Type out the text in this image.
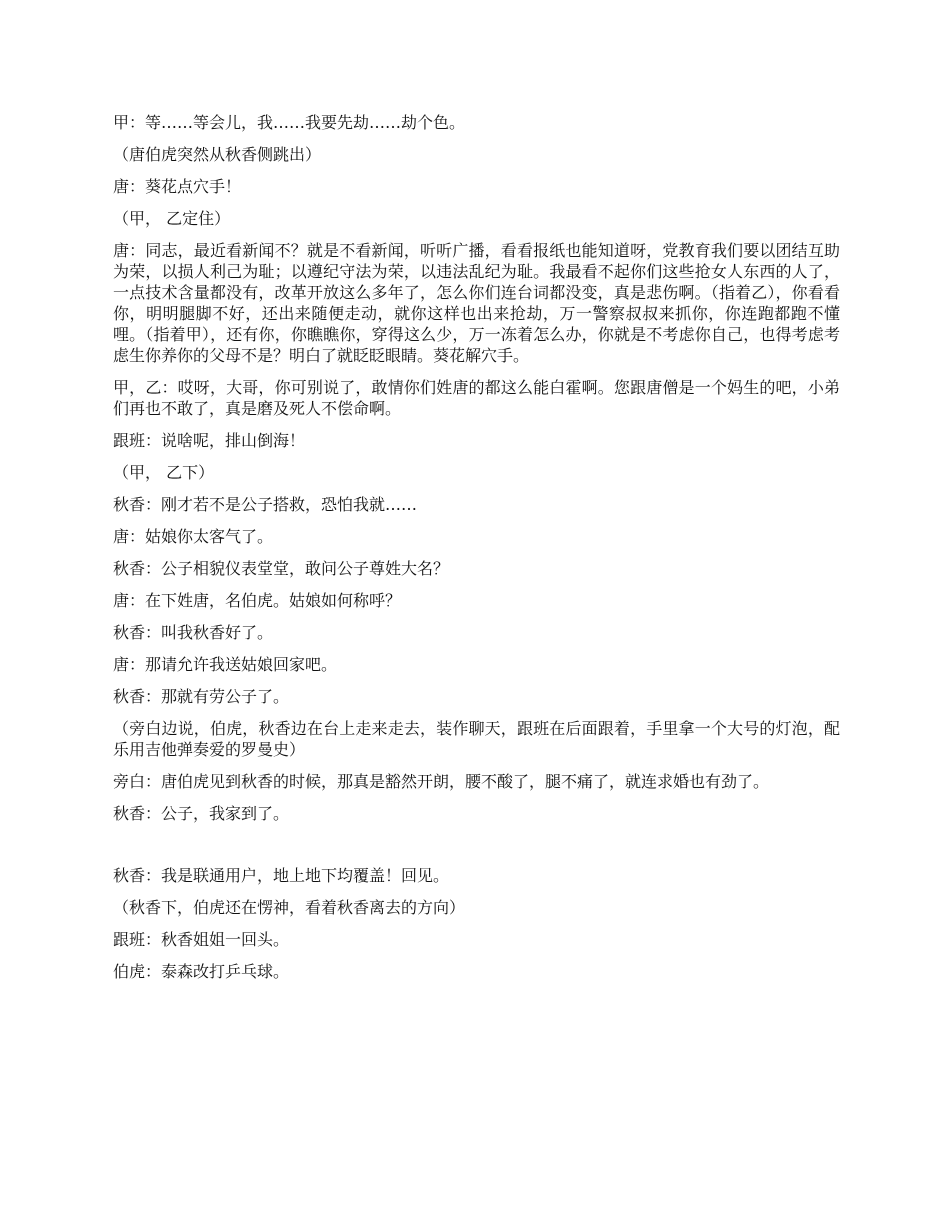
甲：等……等会儿，我……我要先劫……劫个色。

（唐伯虎突然从秋香侧跳出）

唐：葵花点穴手！

（甲， 乙定住）

唐：同志，最近看新闻不？就是不看新闻，听听广播，看看报纸也能知道呀，党教育我们要以团结互助为荣，以损人利己为耻；以遵纪守法为荣，以违法乱纪为耻。我最看不起你们这些抢女人东西的人了，一点技术含量都没有，改革开放这么多年了，怎么你们连台词都没变，真是悲伤啊。（指着乙），你看看你，明明腿脚不好，还出来随便走动，就你这样也出来抢劫，万一警察叔叔来抓你，你连跑都跑不懂哩。（指着甲），还有你，你瞧瞧你，穿得这么少，万一冻着怎么办，你就是不考虑你自己，也得考虑考虑生你养你的父母不是？明白了就眨眨眼睛。葵花解穴手。

甲，乙：哎呀，大哥，你可别说了，敢情你们姓唐的都这么能白霍啊。您跟唐僧是一个妈生的吧，小弟们再也不敢了，真是磨及死人不偿命啊。

跟班：说啥呢，排山倒海！

（甲， 乙下）

秋香：刚才若不是公子搭救，恐怕我就……

唐：姑娘你太客气了。

秋香：公子相貌仪表堂堂，敢问公子尊姓大名？

唐：在下姓唐，名伯虎。姑娘如何称呼？

秋香：叫我秋香好了。

唐：那请允许我送姑娘回家吧。

秋香：那就有劳公子了。

（旁白边说，伯虎，秋香边在台上走来走去，装作聊天，跟班在后面跟着，手里拿一个大号的灯泡，配乐用吉他弹奏爱的罗曼史）

旁白：唐伯虎见到秋香的时候，那真是豁然开朗，腰不酸了，腿不痛了，就连求婚也有劲了。

秋香：公子，我家到了。

秋香：我是联通用户，地上地下均覆盖！回见。

（秋香下，伯虎还在愣神，看着秋香离去的方向）

跟班：秋香姐姐一回头。

伯虎：泰森改打乒乓球。
